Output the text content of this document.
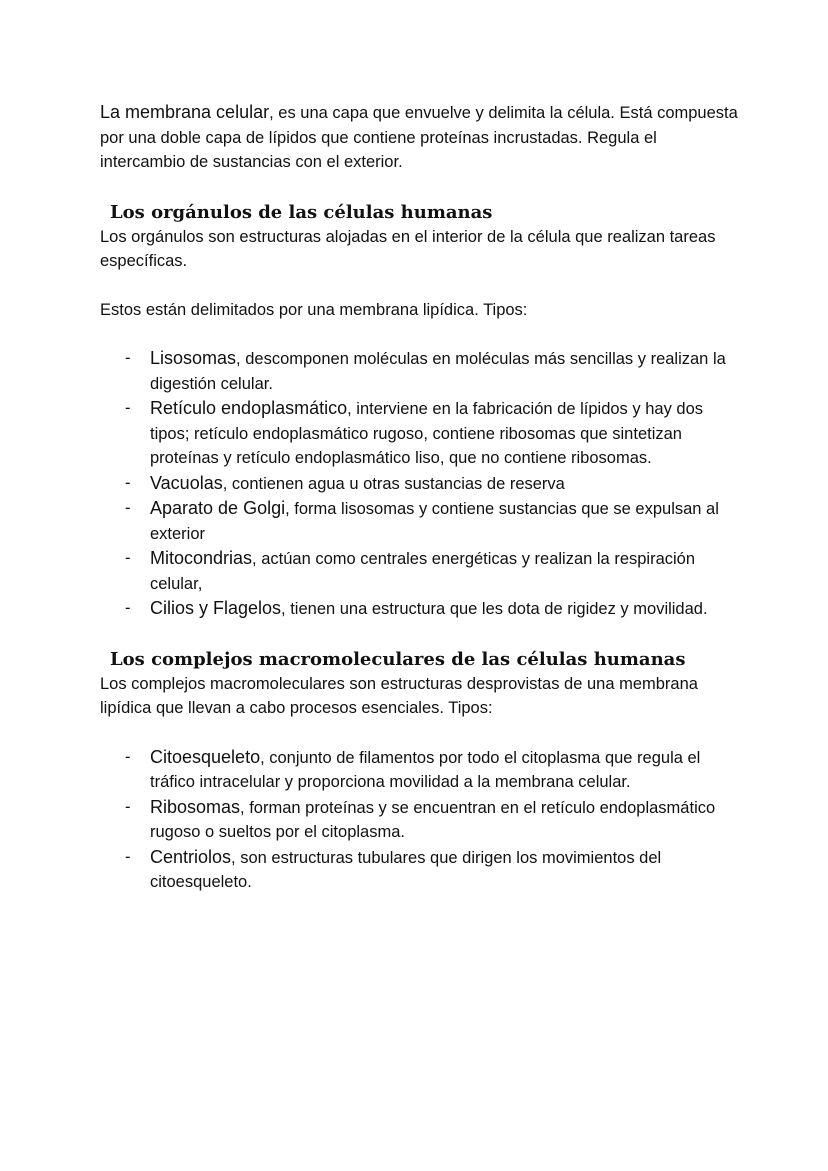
La membrana celular, es una capa que envuelve y delimita la célula. Está compuesta por una doble capa de lípidos que contiene proteínas incrustadas. Regula el intercambio de sustancias con el exterior.

Los orgánulos de las células humanas

Los orgánulos son estructuras alojadas en el interior de la célula que realizan tareas específicas.

Estos están delimitados por una membrana lipídica. Tipos:

- Lisosomas, descomponen moléculas en moléculas más sencillas y realizan la digestión celular.
- Retículo endoplasmático, interviene en la fabricación de lípidos y hay dos tipos; retículo endoplasmático rugoso, contiene ribosomas que sintetizan proteínas y retículo endoplasmático liso, que no contiene ribosomas.
- Vacuolas, contienen agua u otras sustancias de reserva
- Aparato de Golgi, forma lisosomas y contiene sustancias que se expulsan al exterior
- Mitocondrias, actúan como centrales energéticas y realizan la respiración celular,
- Cilios y Flagelos, tienen una estructura que les dota de rigidez y movilidad.
Los complejos macromoleculares de las células humanas

Los complejos macromoleculares son estructuras desprovistas de una membrana lipídica que llevan a cabo procesos esenciales. Tipos:

- Citoesqueleto, conjunto de filamentos por todo el citoplasma que regula el tráfico intracelular y proporciona movilidad a la membrana celular.
- Ribosomas, forman proteínas y se encuentran en el retículo endoplasmático rugoso o sueltos por el citoplasma.
- Centriolos, son estructuras tubulares que dirigen los movimientos del citoesqueleto.
